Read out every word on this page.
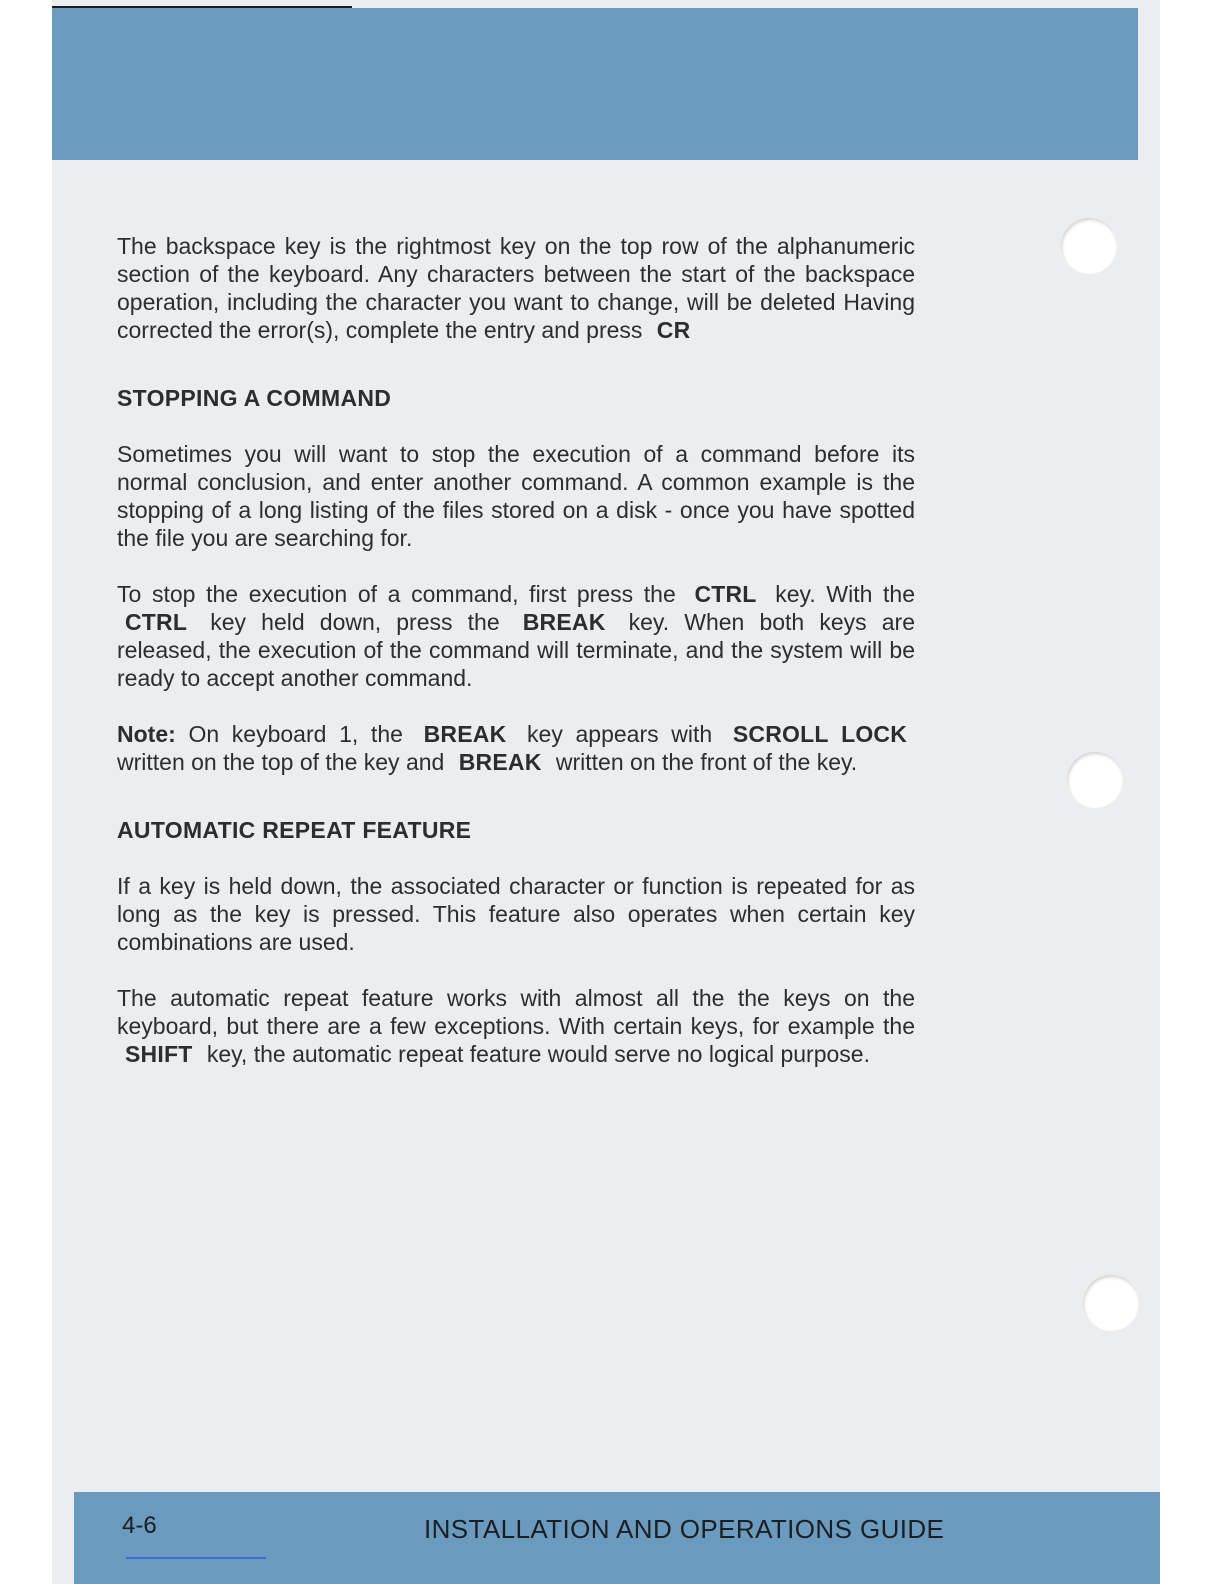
The backspace key is the rightmost key on the top row of the alphanumeric section of the keyboard. Any characters between the start of the backspace operation, including the character you want to change, will be deleted Having corrected the error(s), complete the entry and press CR

STOPPING A COMMAND

Sometimes you will want to stop the execution of a command before its normal conclusion, and enter another command. A common example is the stopping of a long listing of the files stored on a disk - once you have spotted the file you are searching for.

To stop the execution of a command, first press the CTRL key. With the CTRL key held down, press the BREAK key. When both keys are released, the execution of the command will terminate, and the system will be ready to accept another command.

Note: On keyboard 1, the BREAK key appears with SCROLL LOCK written on the top of the key and BREAK written on the front of the key.

AUTOMATIC REPEAT FEATURE

If a key is held down, the associated character or function is repeated for as long as the key is pressed. This feature also operates when certain key combinations are used.

The automatic repeat feature works with almost all the the keys on the keyboard, but there are a few exceptions. With certain keys, for example the SHIFT key, the automatic repeat feature would serve no logical purpose.

4-6	INSTALLATION AND OPERATIONS GUIDE
